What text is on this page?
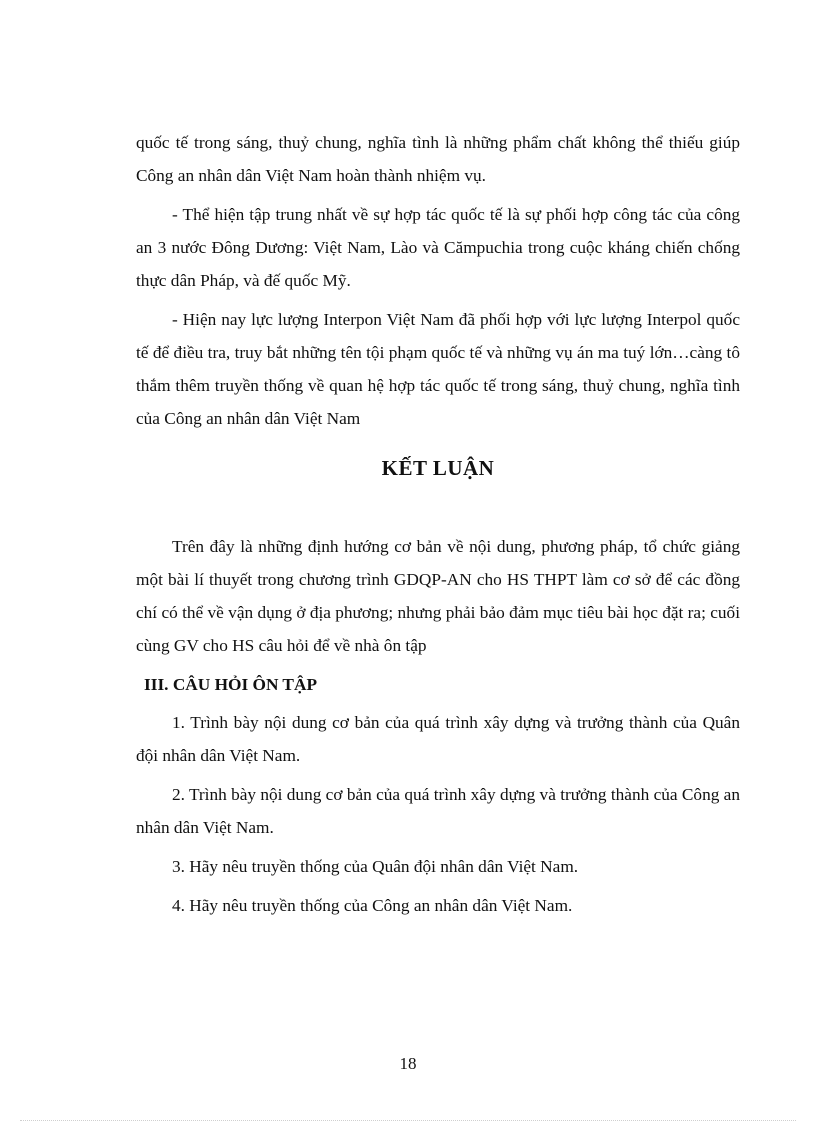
quốc tế trong sáng, thuỷ chung, nghĩa tình là những phẩm chất không thể thiếu giúp Công an nhân dân Việt Nam hoàn thành nhiệm vụ.

- Thể hiện tập trung nhất về sự hợp tác quốc tế là sự phối hợp công tác của công an 3 nước Đông Dương: Việt Nam, Lào và Cămpuchia trong cuộc kháng chiến chống thực dân Pháp, và đế quốc Mỹ.

- Hiện nay lực lượng Interpon Việt Nam đã phối hợp với lực lượng Interpol quốc tế để điều tra, truy bắt những tên tội phạm quốc tế và những vụ án ma tuý lớn…càng tô thắm thêm truyền thống về quan hệ hợp tác quốc tế trong sáng, thuỷ chung, nghĩa tình của Công an nhân dân Việt Nam

KẾT LUẬN

Trên đây là những định hướng cơ bản về nội dung, phương pháp, tổ chức giảng một bài lí thuyết trong chương trình GDQP-AN cho HS THPT làm cơ sở để các đồng chí có thể về vận dụng ở địa phương; nhưng phải bảo đảm mục tiêu bài học đặt ra; cuối cùng GV cho HS câu hỏi để về nhà ôn tập

III. CÂU HỎI ÔN TẬP

1. Trình bày nội dung cơ bản của quá trình xây dựng và trưởng thành của Quân đội nhân dân Việt Nam.

2. Trình bày nội dung cơ bản của quá trình xây dựng và trưởng thành của Công an nhân dân Việt Nam.

3. Hãy nêu truyền thống của Quân đội nhân dân Việt Nam.

4. Hãy nêu truyền thống của Công an nhân dân Việt Nam.

18
